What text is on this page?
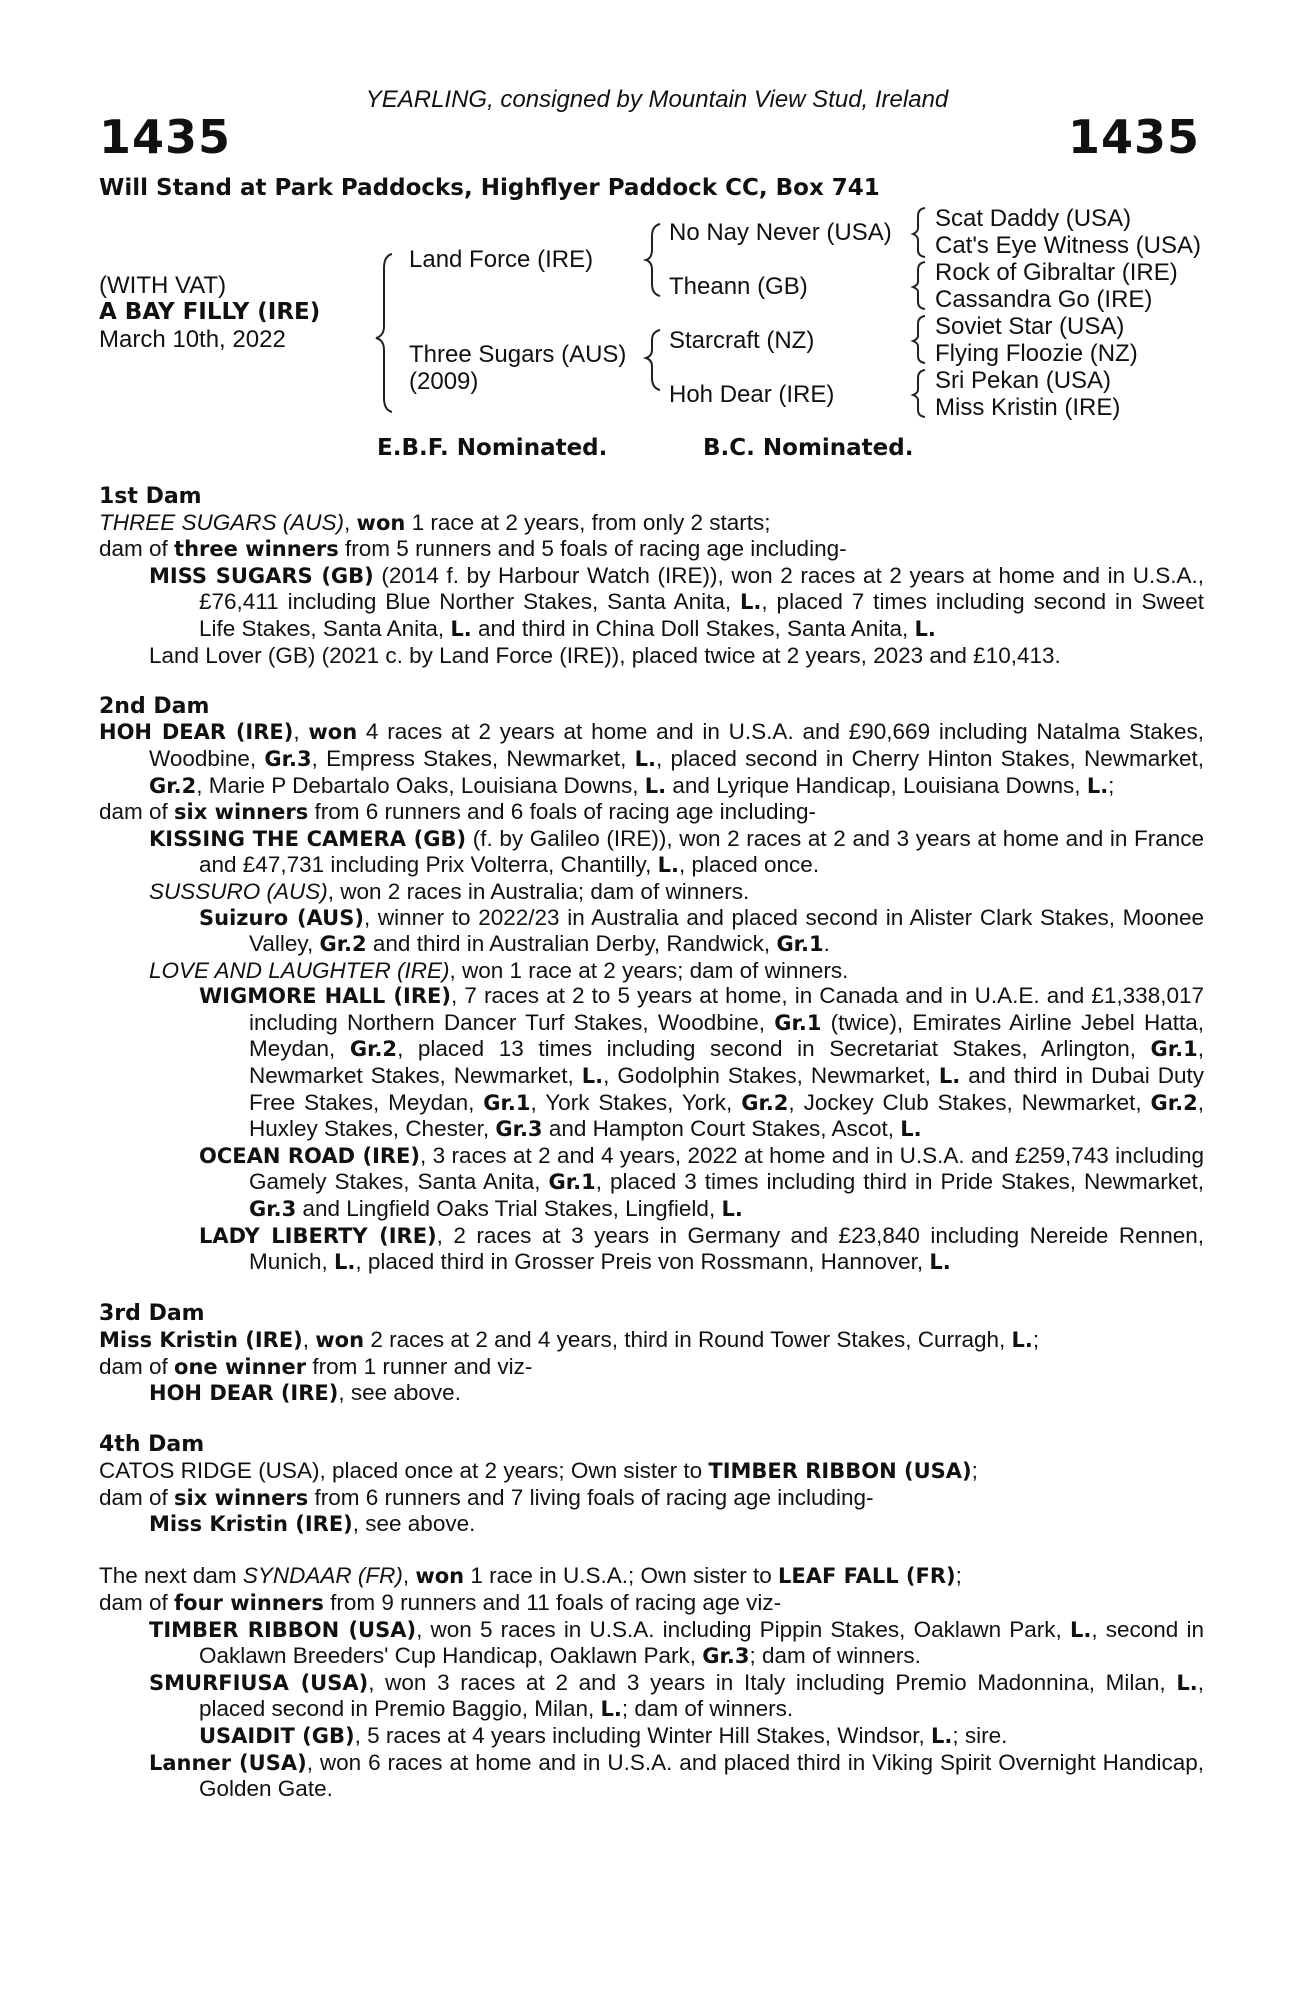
YEARLING, consigned by Mountain View Stud, Ireland
1435	1435
Will Stand at Park Paddocks, Highflyer Paddock CC, Box 741
(WITH VAT)
A BAY FILLY (IRE)
March 10th, 2022
Land Force (IRE)
Three Sugars (AUS)
(2009)
No Nay Never (USA)
Theann (GB)
Starcraft (NZ)
Hoh Dear (IRE)
Scat Daddy (USA)
Cat's Eye Witness (USA)
Rock of Gibraltar (IRE)
Cassandra Go (IRE)
Soviet Star (USA)
Flying Floozie (NZ)
Sri Pekan (USA)
Miss Kristin (IRE)
E.B.F. Nominated.	B.C. Nominated.
1st Dam
THREE SUGARS (AUS), won 1 race at 2 years, from only 2 starts;
dam of three winners from 5 runners and 5 foals of racing age including-
MISS SUGARS (GB) (2014 f. by Harbour Watch (IRE)), won 2 races at 2 years at home and in U.S.A., £76,411 including Blue Norther Stakes, Santa Anita, L., placed 7 times including second in Sweet Life Stakes, Santa Anita, L. and third in China Doll Stakes, Santa Anita, L.
Land Lover (GB) (2021 c. by Land Force (IRE)), placed twice at 2 years, 2023 and £10,413.
2nd Dam
HOH DEAR (IRE), won 4 races at 2 years at home and in U.S.A. and £90,669 including Natalma Stakes, Woodbine, Gr.3, Empress Stakes, Newmarket, L., placed second in Cherry Hinton Stakes, Newmarket, Gr.2, Marie P Debartalo Oaks, Louisiana Downs, L. and Lyrique Handicap, Louisiana Downs, L.;
dam of six winners from 6 runners and 6 foals of racing age including-
KISSING THE CAMERA (GB) (f. by Galileo (IRE)), won 2 races at 2 and 3 years at home and in France and £47,731 including Prix Volterra, Chantilly, L., placed once.
SUSSURO (AUS), won 2 races in Australia; dam of winners.
Suizuro (AUS), winner to 2022/23 in Australia and placed second in Alister Clark Stakes, Moonee Valley, Gr.2 and third in Australian Derby, Randwick, Gr.1.
LOVE AND LAUGHTER (IRE), won 1 race at 2 years; dam of winners.
WIGMORE HALL (IRE), 7 races at 2 to 5 years at home, in Canada and in U.A.E. and £1,338,017 including Northern Dancer Turf Stakes, Woodbine, Gr.1 (twice), Emirates Airline Jebel Hatta, Meydan, Gr.2, placed 13 times including second in Secretariat Stakes, Arlington, Gr.1, Newmarket Stakes, Newmarket, L., Godolphin Stakes, Newmarket, L. and third in Dubai Duty Free Stakes, Meydan, Gr.1, York Stakes, York, Gr.2, Jockey Club Stakes, Newmarket, Gr.2, Huxley Stakes, Chester, Gr.3 and Hampton Court Stakes, Ascot, L.
OCEAN ROAD (IRE), 3 races at 2 and 4 years, 2022 at home and in U.S.A. and £259,743 including Gamely Stakes, Santa Anita, Gr.1, placed 3 times including third in Pride Stakes, Newmarket, Gr.3 and Lingfield Oaks Trial Stakes, Lingfield, L.
LADY LIBERTY (IRE), 2 races at 3 years in Germany and £23,840 including Nereide Rennen, Munich, L., placed third in Grosser Preis von Rossmann, Hannover, L.
3rd Dam
Miss Kristin (IRE), won 2 races at 2 and 4 years, third in Round Tower Stakes, Curragh, L.;
dam of one winner from 1 runner and viz-
HOH DEAR (IRE), see above.
4th Dam
CATOS RIDGE (USA), placed once at 2 years; Own sister to TIMBER RIBBON (USA);
dam of six winners from 6 runners and 7 living foals of racing age including-
Miss Kristin (IRE), see above.
The next dam SYNDAAR (FR), won 1 race in U.S.A.; Own sister to LEAF FALL (FR);
dam of four winners from 9 runners and 11 foals of racing age viz-
TIMBER RIBBON (USA), won 5 races in U.S.A. including Pippin Stakes, Oaklawn Park, L., second in Oaklawn Breeders' Cup Handicap, Oaklawn Park, Gr.3; dam of winners.
SMURFIUSA (USA), won 3 races at 2 and 3 years in Italy including Premio Madonnina, Milan, L., placed second in Premio Baggio, Milan, L.; dam of winners.
USAIDIT (GB), 5 races at 4 years including Winter Hill Stakes, Windsor, L.; sire.
Lanner (USA), won 6 races at home and in U.S.A. and placed third in Viking Spirit Overnight Handicap, Golden Gate.
